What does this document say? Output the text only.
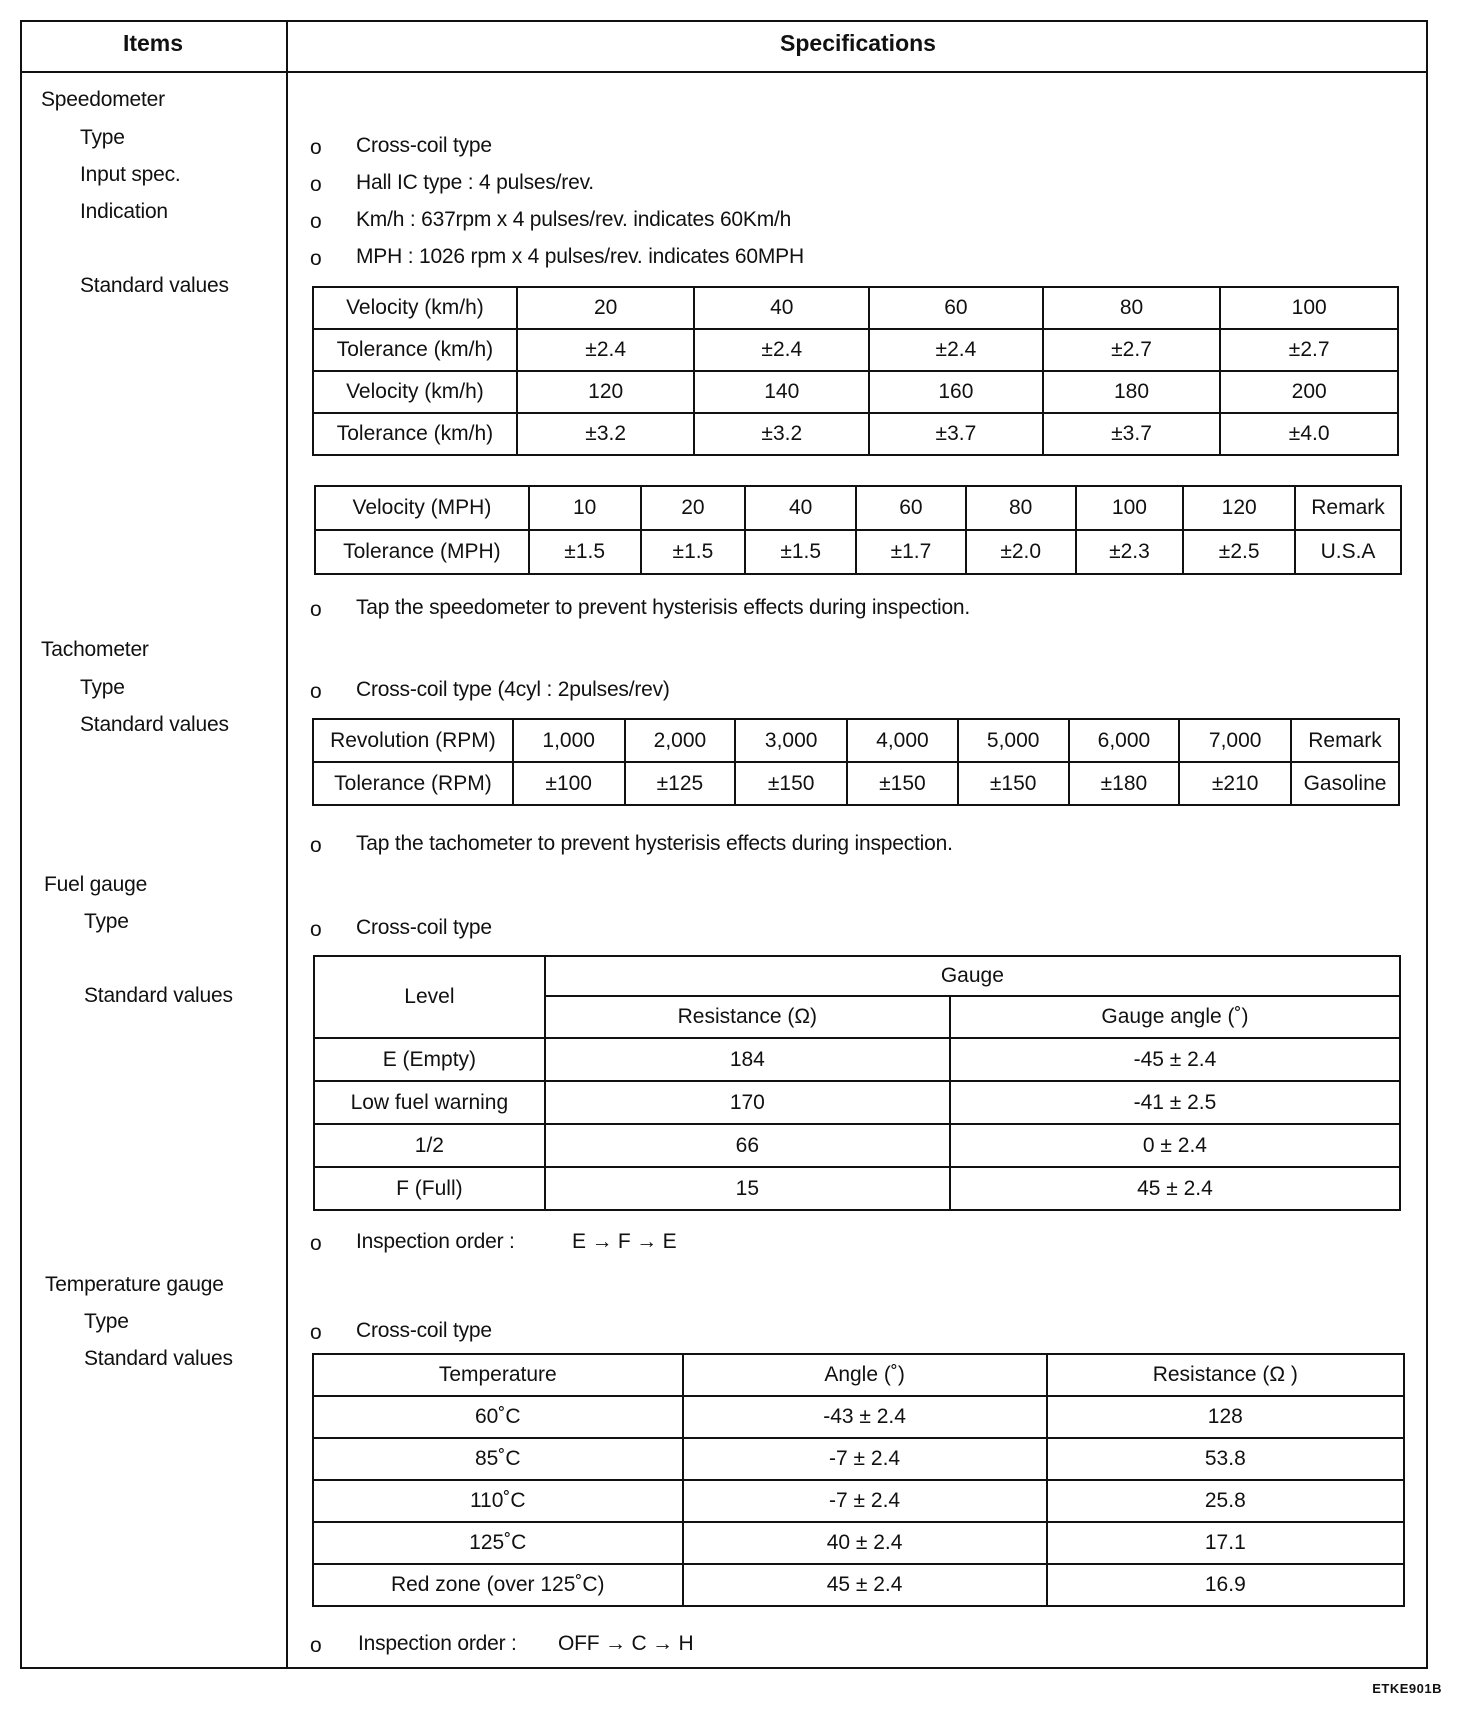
Items	Specifications
Speedometer
Type
Input spec.
Indication
Standard values
o Cross-coil type
o Hall IC type : 4 pulses/rev.
o Km/h : 637rpm x 4 pulses/rev. indicates 60Km/h
o MPH : 1026 rpm x 4 pulses/rev. indicates 60MPH
Velocity (km/h)	20	40	60	80	100
Tolerance (km/h)	±2.4	±2.4	±2.4	±2.7	±2.7
Velocity (km/h)	120	140	160	180	200
Tolerance (km/h)	±3.2	±3.2	±3.7	±3.7	±4.0
Velocity (MPH)	10	20	40	60	80	100	120	Remark
Tolerance (MPH)	±1.5	±1.5	±1.5	±1.7	±2.0	±2.3	±2.5	U.S.A
o Tap the speedometer to prevent hysterisis effects during inspection.
Tachometer
Type
Standard values
o Cross-coil type (4cyl : 2pulses/rev)
Revolution (RPM)	1,000	2,000	3,000	4,000	5,000	6,000	7,000	Remark
Tolerance (RPM)	±100	±125	±150	±150	±150	±180	±210	Gasoline
o Tap the tachometer to prevent hysterisis effects during inspection.
Fuel gauge
Type
Standard values
o Cross-coil type
Level	Gauge	
	Resistance (Ω)	Gauge angle (˚)
E (Empty)	184	-45 ± 2.4
Low fuel warning	170	-41 ± 2.5
1/2	66	0 ± 2.4
F (Full)	15	45 ± 2.4
o Inspection order :	E → F → E
Temperature gauge
Type
Standard values
o Cross-coil type
Temperature	Angle (˚)	Resistance (Ω )
60˚C	-43 ± 2.4	128
85˚C	-7 ± 2.4	53.8
110˚C	-7 ± 2.4	25.8
125˚C	40 ± 2.4	17.1
Red zone (over 125˚C)	45 ± 2.4	16.9
o Inspection order : OFF → C → H
ETKE901B
